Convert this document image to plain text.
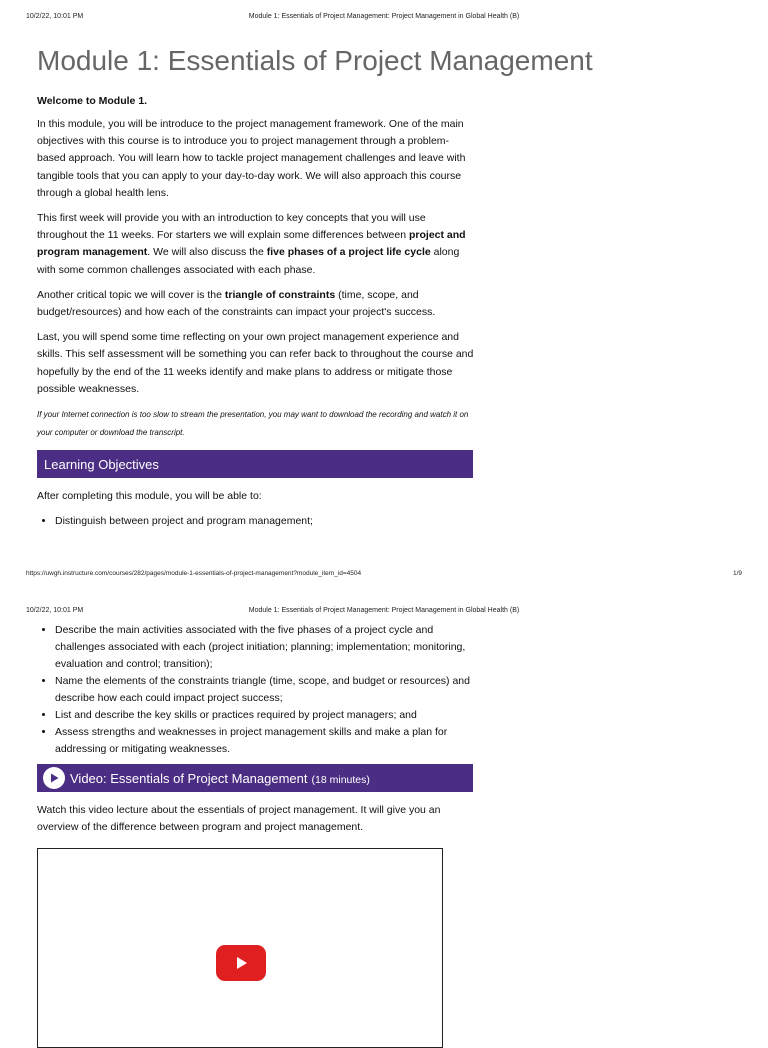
10/2/22, 10:01 PM	Module 1: Essentials of Project Management: Project Management in Global Health (B)
Module 1: Essentials of Project Management
Welcome to Module 1.

In this module, you will be introduce to the project management framework. One of the main objectives with this course is to introduce you to project management through a problem-based approach. You will learn how to tackle project management challenges and leave with tangible tools that you can apply to your day-to-day work. We will also approach this course through a global health lens.

This first week will provide you with an introduction to key concepts that you will use throughout the 11 weeks. For starters we will explain some differences between project and program management. We will also discuss the five phases of a project life cycle along with some common challenges associated with each phase.

Another critical topic we will cover is the triangle of constraints (time, scope, and budget/resources) and how each of the constraints can impact your project's success.

Last, you will spend some time reflecting on your own project management experience and skills. This self assessment will be something you can refer back to throughout the course and hopefully by the end of the 11 weeks identify and make plans to address or mitigate those possible weaknesses.

If your Internet connection is too slow to stream the presentation, you may want to download the recording and watch it on your computer or download the transcript.

Learning Objectives

After completing this module, you will be able to:

• Distinguish between project and program management;
https://uwgh.instructure.com/courses/282/pages/module-1-essentials-of-project-management?module_item_id=4504	1/9
10/2/22, 10:01 PM	Module 1: Essentials of Project Management: Project Management in Global Health (B)
• Describe the main activities associated with the five phases of a project cycle and challenges associated with each (project initiation; planning; implementation; monitoring, evaluation and control; transition);
• Name the elements of the constraints triangle (time, scope, and budget or resources) and describe how each could impact project success;
• List and describe the key skills or practices required by project managers; and
• Assess strengths and weaknesses in project management skills and make a plan for addressing or mitigating weaknesses.
Video: Essentials of Project Management (18 minutes)

Watch this video lecture about the essentials of project management. It will give you an overview of the difference between program and project management.
